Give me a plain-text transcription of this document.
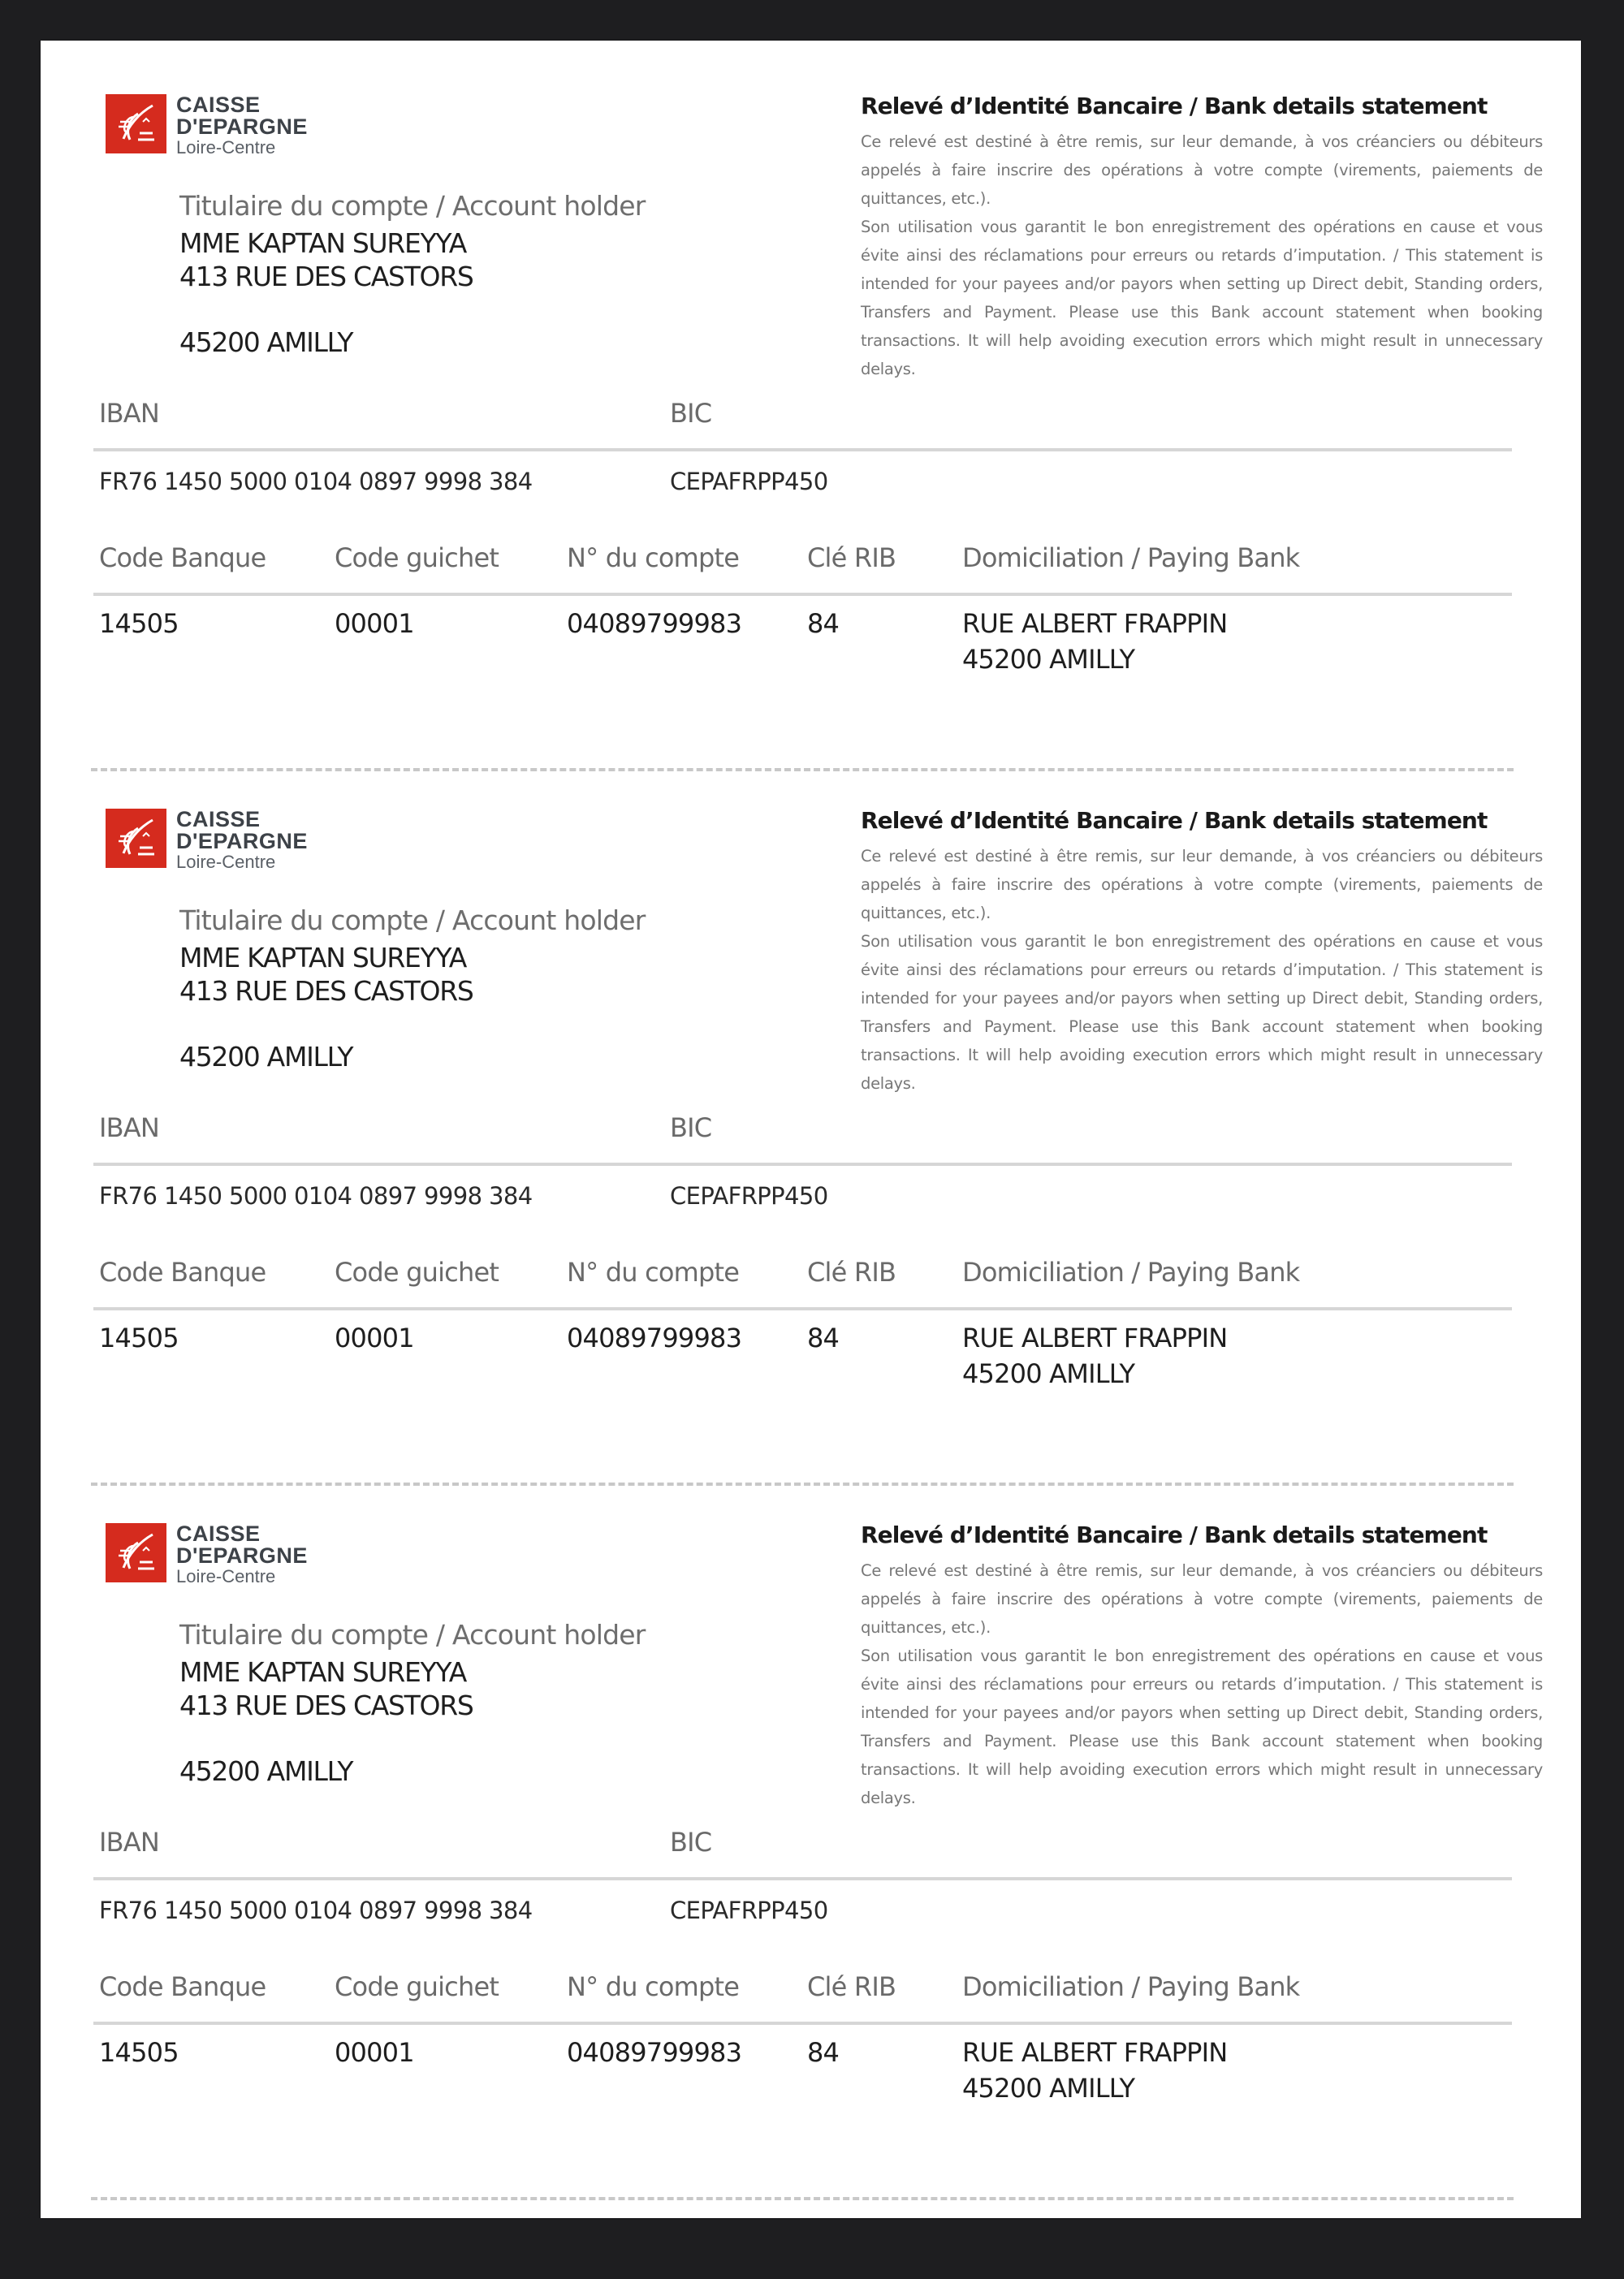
CAISSE
D'EPARGNE
Loire-Centre
Titulaire du compte / Account holder
MME KAPTAN SUREYYA
413 RUE DES CASTORS
45200 AMILLY
Relevé d’Identité Bancaire / Bank details statement

Ce relevé est destiné à être remis, sur leur demande, à vos créanciers ou débiteurs appelés à faire inscrire des opérations à votre compte (virements, paiements de quittances, etc.).

Son utilisation vous garantit le bon enregistrement des opérations en cause et vous évite ainsi des réclamations pour erreurs ou retards d’imputation. / This statement is intended for your payees and/or payors when setting up Direct debit, Standing orders, Transfers and Payment. Please use this Bank account statement when booking transactions. It will help avoiding execution errors which might result in unnecessary delays.

IBAN	BIC
FR76 1450 5000 0104 0897 9998 384	CEPAFRPP450
Code Banque	Code guichet	N° du compte	Clé RIB	Domiciliation / Paying Bank
14505	00001	04089799983	84	RUE ALBERT FRAPPIN
45200 AMILLY
CAISSE
D'EPARGNE
Loire-Centre
Titulaire du compte / Account holder
MME KAPTAN SUREYYA
413 RUE DES CASTORS
45200 AMILLY
Relevé d’Identité Bancaire / Bank details statement

Ce relevé est destiné à être remis, sur leur demande, à vos créanciers ou débiteurs appelés à faire inscrire des opérations à votre compte (virements, paiements de quittances, etc.).

Son utilisation vous garantit le bon enregistrement des opérations en cause et vous évite ainsi des réclamations pour erreurs ou retards d’imputation. / This statement is intended for your payees and/or payors when setting up Direct debit, Standing orders, Transfers and Payment. Please use this Bank account statement when booking transactions. It will help avoiding execution errors which might result in unnecessary delays.

IBAN	BIC
FR76 1450 5000 0104 0897 9998 384	CEPAFRPP450
Code Banque	Code guichet	N° du compte	Clé RIB	Domiciliation / Paying Bank
14505	00001	04089799983	84	RUE ALBERT FRAPPIN
45200 AMILLY
CAISSE
D'EPARGNE
Loire-Centre
Titulaire du compte / Account holder
MME KAPTAN SUREYYA
413 RUE DES CASTORS
45200 AMILLY
Relevé d’Identité Bancaire / Bank details statement

Ce relevé est destiné à être remis, sur leur demande, à vos créanciers ou débiteurs appelés à faire inscrire des opérations à votre compte (virements, paiements de quittances, etc.).

Son utilisation vous garantit le bon enregistrement des opérations en cause et vous évite ainsi des réclamations pour erreurs ou retards d’imputation. / This statement is intended for your payees and/or payors when setting up Direct debit, Standing orders, Transfers and Payment. Please use this Bank account statement when booking transactions. It will help avoiding execution errors which might result in unnecessary delays.

IBAN	BIC
FR76 1450 5000 0104 0897 9998 384	CEPAFRPP450
Code Banque	Code guichet	N° du compte	Clé RIB	Domiciliation / Paying Bank
14505	00001	04089799983	84	RUE ALBERT FRAPPIN
45200 AMILLY
